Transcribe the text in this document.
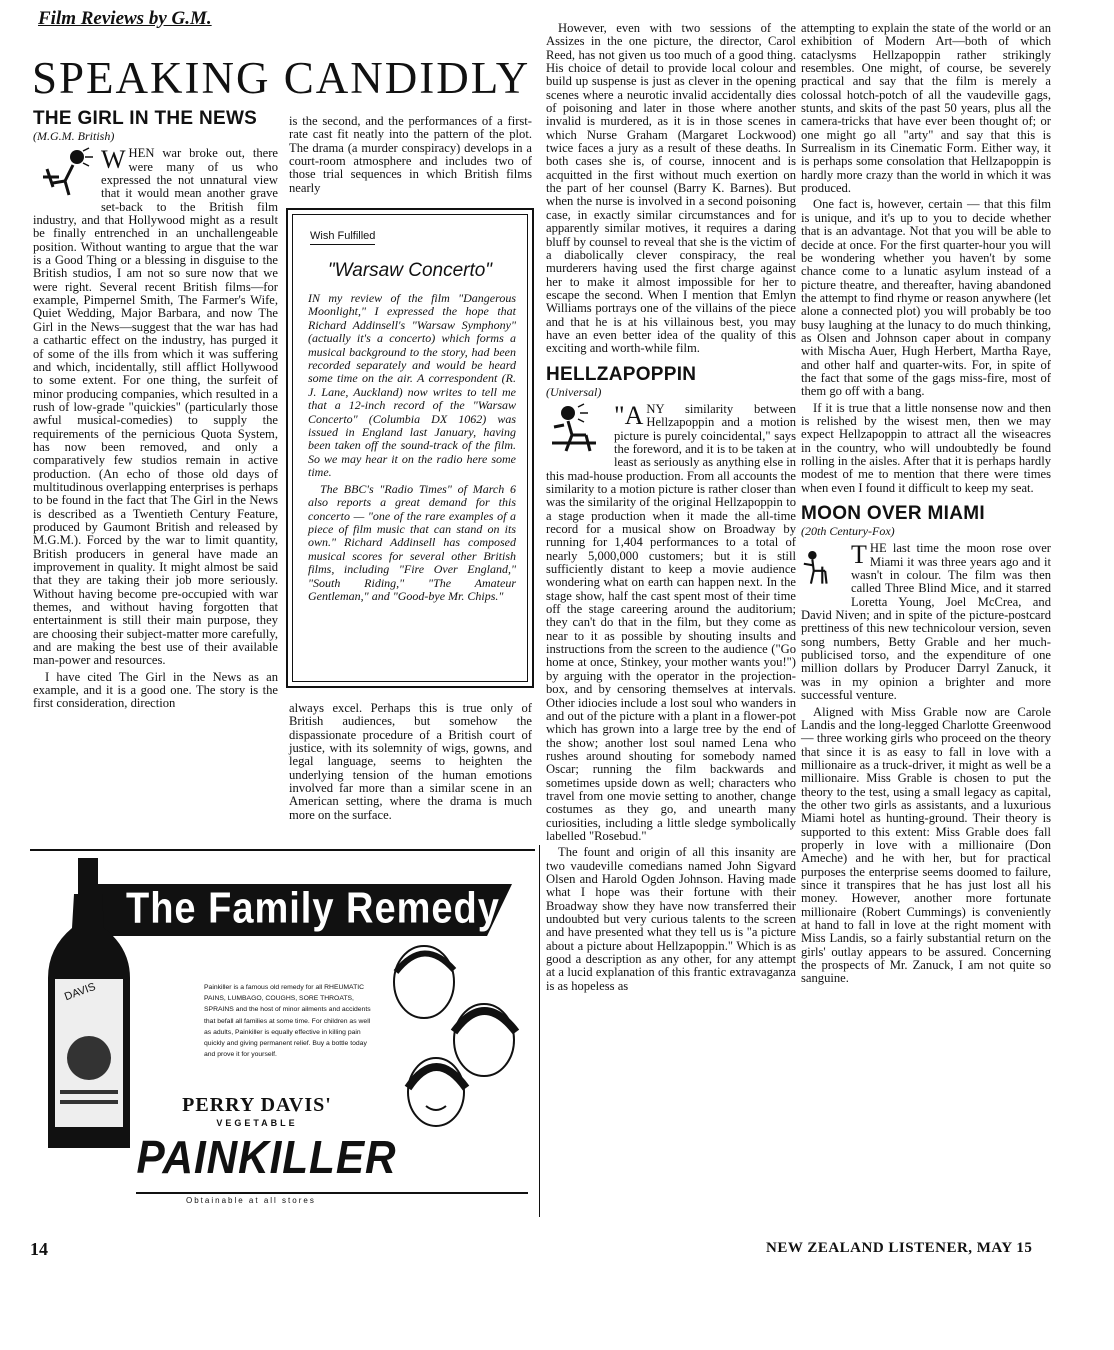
Film Reviews by G.M.
SPEAKING CANDIDLY
THE GIRL IN THE NEWS
(M.G.M. British)

WHEN war broke out, there were many of us who expressed the not unnatural view that it would mean another grave set-back to the British film industry, and that Hollywood might as a result be finally entrenched in an unchallengeable position. Without wanting to argue that the war is a Good Thing or a blessing in disguise to the British studios, I am not so sure now that we were right. Several recent British films—for example, Pimpernel Smith, The Farmer's Wife, Quiet Wedding, Major Barbara, and now The Girl in the News—suggest that the war has had a cathartic effect on the industry, has purged it of some of the ills from which it was suffering and which, incidentally, still afflict Hollywood to some extent. For one thing, the surfeit of minor producing companies, which resulted in a rush of low-grade "quickies" (particularly those awful musical-comedies) to supply the requirements of the pernicious Quota System, has now been removed, and only a comparatively few studios remain in active production. (An echo of those old days of multitudinous overlapping enterprises is perhaps to be found in the fact that The Girl in the News is described as a Twentieth Century Feature, produced by Gaumont British and released by M.G.M.). Forced by the war to limit quantity, British producers in general have made an improvement in quality. It might almost be said that they are taking their job more seriously. Without having become pre-occupied with war themes, and without having forgotten that entertainment is still their main purpose, they are choosing their subject-matter more carefully, and are making the best use of their available man-power and resources.

I have cited The Girl in the News as an example, and it is a good one. The story is the first consideration, direction

is the second, and the performances of a first-rate cast fit neatly into the pattern of the plot. The drama (a murder conspiracy) develops in a court-room atmosphere and includes two of those trial sequences in which British films nearly

Wish Fulfilled
"Warsaw Concerto"

IN my review of the film "Dangerous Moonlight," I expressed the hope that Richard Addinsell's "Warsaw Symphony" (actually it's a concerto) which forms a musical background to the story, had been recorded separately and would be heard some time on the air. A correspondent (R. J. Lane, Auckland) now writes to tell me that a 12-inch record of the "Warsaw Concerto" (Columbia DX 1062) was issued in England last January, having been taken off the sound-track of the film. So we may hear it on the radio here some time.

The BBC's "Radio Times" of March 6 also reports a great demand for this concerto — "one of the rare examples of a piece of film music that can stand on its own." Richard Addinsell has composed musical scores for several other British films, including "Fire Over England," "South Riding," "The Amateur Gentleman," and "Good-bye Mr. Chips."

always excel. Perhaps this is true only of British audiences, but somehow the dispassionate procedure of a British court of justice, with its solemnity of wigs, gowns, and legal language, seems to heighten the underlying tension of the human emotions involved far more than a similar scene in an American setting, where the drama is much more on the surface.

However, even with two sessions of the Assizes in the one picture, the director, Carol Reed, has not given us too much of a good thing. His choice of detail to provide local colour and build up suspense is just as clever in the opening scenes where a neurotic invalid accidentally dies of poisoning and later in those where another invalid is murdered, as it is in those scenes in which Nurse Graham (Margaret Lockwood) twice faces a jury as a result of these deaths. In both cases she is, of course, innocent and is acquitted in the first without much exertion on the part of her counsel (Barry K. Barnes). But when the nurse is involved in a second poisoning case, in exactly similar circumstances and for apparently similar motives, it requires a daring bluff by counsel to reveal that she is the victim of a diabolically clever conspiracy, the real murderers having used the first charge against her to make it almost impossible for her to escape the second. When I mention that Emlyn Williams portrays one of the villains of the piece and that he is at his villainous best, you may have an even better idea of the quality of this exciting and worth-while film.

HELLZAPOPPIN
(Universal)

"ANY similarity between Hellzapoppin and a motion picture is purely coincidental," says the foreword, and it is to be taken at least as seriously as anything else in this mad-house production. From all accounts the similarity to a motion picture is rather closer than was the similarity of the original Hellzapoppin to a stage production when it made the all-time record for a musical show on Broadway by running for 1,404 performances to a total of nearly 5,000,000 customers; but it is still sufficiently distant to keep a movie audience wondering what on earth can happen next. In the stage show, half the cast spent most of their time off the stage careering around the auditorium; they can't do that in the film, but they come as near to it as possible by shouting insults and instructions from the screen to the audience ("Go home at once, Stinkey, your mother wants you!") by arguing with the operator in the projection-box, and by censoring themselves at intervals. Other idiocies include a lost soul who wanders in and out of the picture with a plant in a flower-pot which has grown into a large tree by the end of the show; another lost soul named Lena who rushes around shouting for somebody named Oscar; running the film backwards and sometimes upside down as well; characters who travel from one movie setting to another, change costumes as they go, and unearth many curiosities, including a little sledge symbolically labelled "Rosebud."

The fount and origin of all this insanity are two vaudeville comedians named John Sigvard Olsen and Harold Ogden Johnson. Having made what I hope was their fortune with their Broadway show they have now transferred their undoubted but very curious talents to the screen and have presented what they tell us is "a picture about a picture about Hellzapoppin." Which is as good a description as any other, for any attempt at a lucid explanation of this frantic extravaganza is as hopeless as

attempting to explain the state of the world or an exhibition of Modern Art—both of which cataclysms Hellzapoppin rather strikingly resembles. One might, of course, be severely practical and say that the film is merely a colossal hotch-potch of all the vaudeville gags, stunts, and skits of the past 50 years, plus all the camera-tricks that have ever been thought of; or one might go all "arty" and say that this is Surrealism in its Cinematic Form. Either way, it is perhaps some consolation that Hellzapoppin is hardly more crazy than the world in which it was produced.

One fact is, however, certain — that this film is unique, and it's up to you to decide whether that is an advantage. Not that you will be able to decide at once. For the first quarter-hour you will be wondering whether you haven't by some chance come to a lunatic asylum instead of a picture theatre, and thereafter, having abandoned the attempt to find rhyme or reason anywhere (let alone a connected plot) you will probably be too busy laughing at the lunacy to do much thinking, as Olsen and Johnson caper about in company with Mischa Auer, Hugh Herbert, Martha Raye, and other half and quarter-wits. For, in spite of the fact that some of the gags miss-fire, most of them go off with a bang.

If it is true that a little nonsense now and then is relished by the wisest men, then we may expect Hellzapoppin to attract all the wiseacres in the country, who will undoubtedly be found rolling in the aisles. After that it is perhaps hardly modest of me to mention that there were times when even I found it difficult to keep my seat.

MOON OVER MIAMI
(20th Century-Fox)

THE last time the moon rose over Miami it was three years ago and it wasn't in colour. The film was then called Three Blind Mice, and it starred Loretta Young, Joel McCrea, and David Niven; and in spite of the picture-postcard prettiness of this new technicolour version, seven song numbers, Betty Grable and her much-publicised torso, and the expenditure of one million dollars by Producer Darryl Zanuck, it was in my opinion a brighter and more successful venture.

Aligned with Miss Grable now are Carole Landis and the long-legged Charlotte Greenwood — three working girls who proceed on the theory that since it is as easy to fall in love with a millionaire as a truck-driver, it might as well be a millionaire. Miss Grable is chosen to put the theory to the test, using a small legacy as capital, the other two girls as assistants, and a luxurious Miami hotel as hunting-ground. Their theory is supported to this extent: Miss Grable does fall properly in love with a millionaire (Don Ameche) and he with her, but for practical purposes the enterprise seems doomed to failure, since it transpires that he has just lost all his money. However, another more fortunate millionaire (Robert Cummings) is conveniently at hand to fall in love at the right moment with Miss Landis, so a fairly substantial return on the girls' outlay appears to be assured. Concerning the prospects of Mr. Zanuck, I am not quite so sanguine.

The Family Remedy
DAVIS	Painkiller is a famous old remedy for all RHEUMATIC PAINS, LUMBAGO, COUGHS, SORE THROATS, SPRAINS and the host of minor ailments and accidents that befall all families at some time. For children as well as adults, Painkiller is equally effective in killing pain quickly and giving permanent relief. Buy a bottle today and prove it for yourself.
PERRY DAVIS'
VEGETABLE
PAINKILLER
Obtainable at all stores
14	NEW ZEALAND LISTENER, MAY 15
